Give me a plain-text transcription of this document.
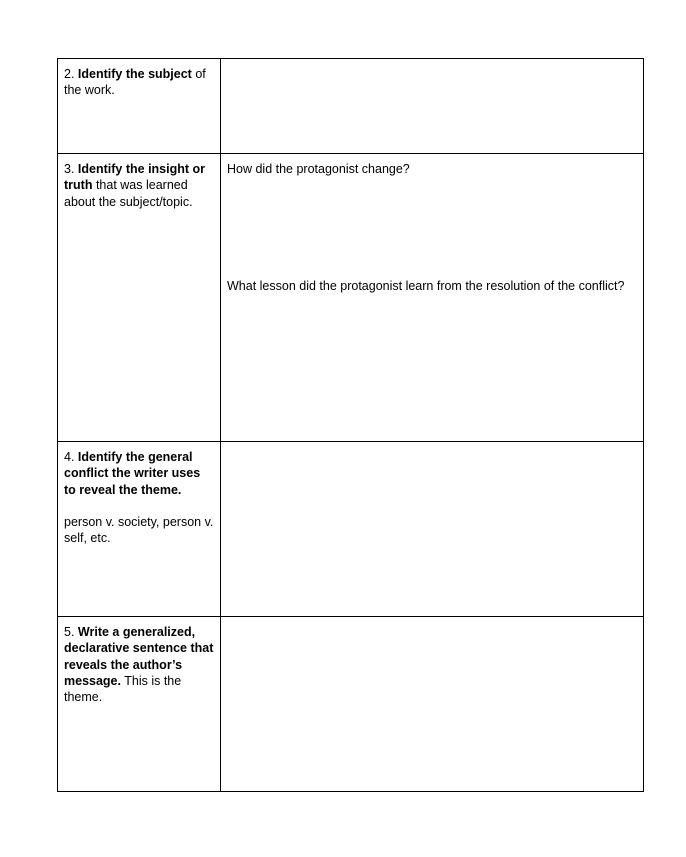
2. Identify the subject of the work.	
3. Identify the insight or truth that was learned about the subject/topic.	How did the protagonist change?
What lesson did the protagonist learn from the resolution of the conflict?

4. Identify the general conflict the writer uses to reveal the theme.
person v. society, person v. self, etc.	

5. Write a generalized, declarative sentence that reveals the author’s message. This is the theme.	
